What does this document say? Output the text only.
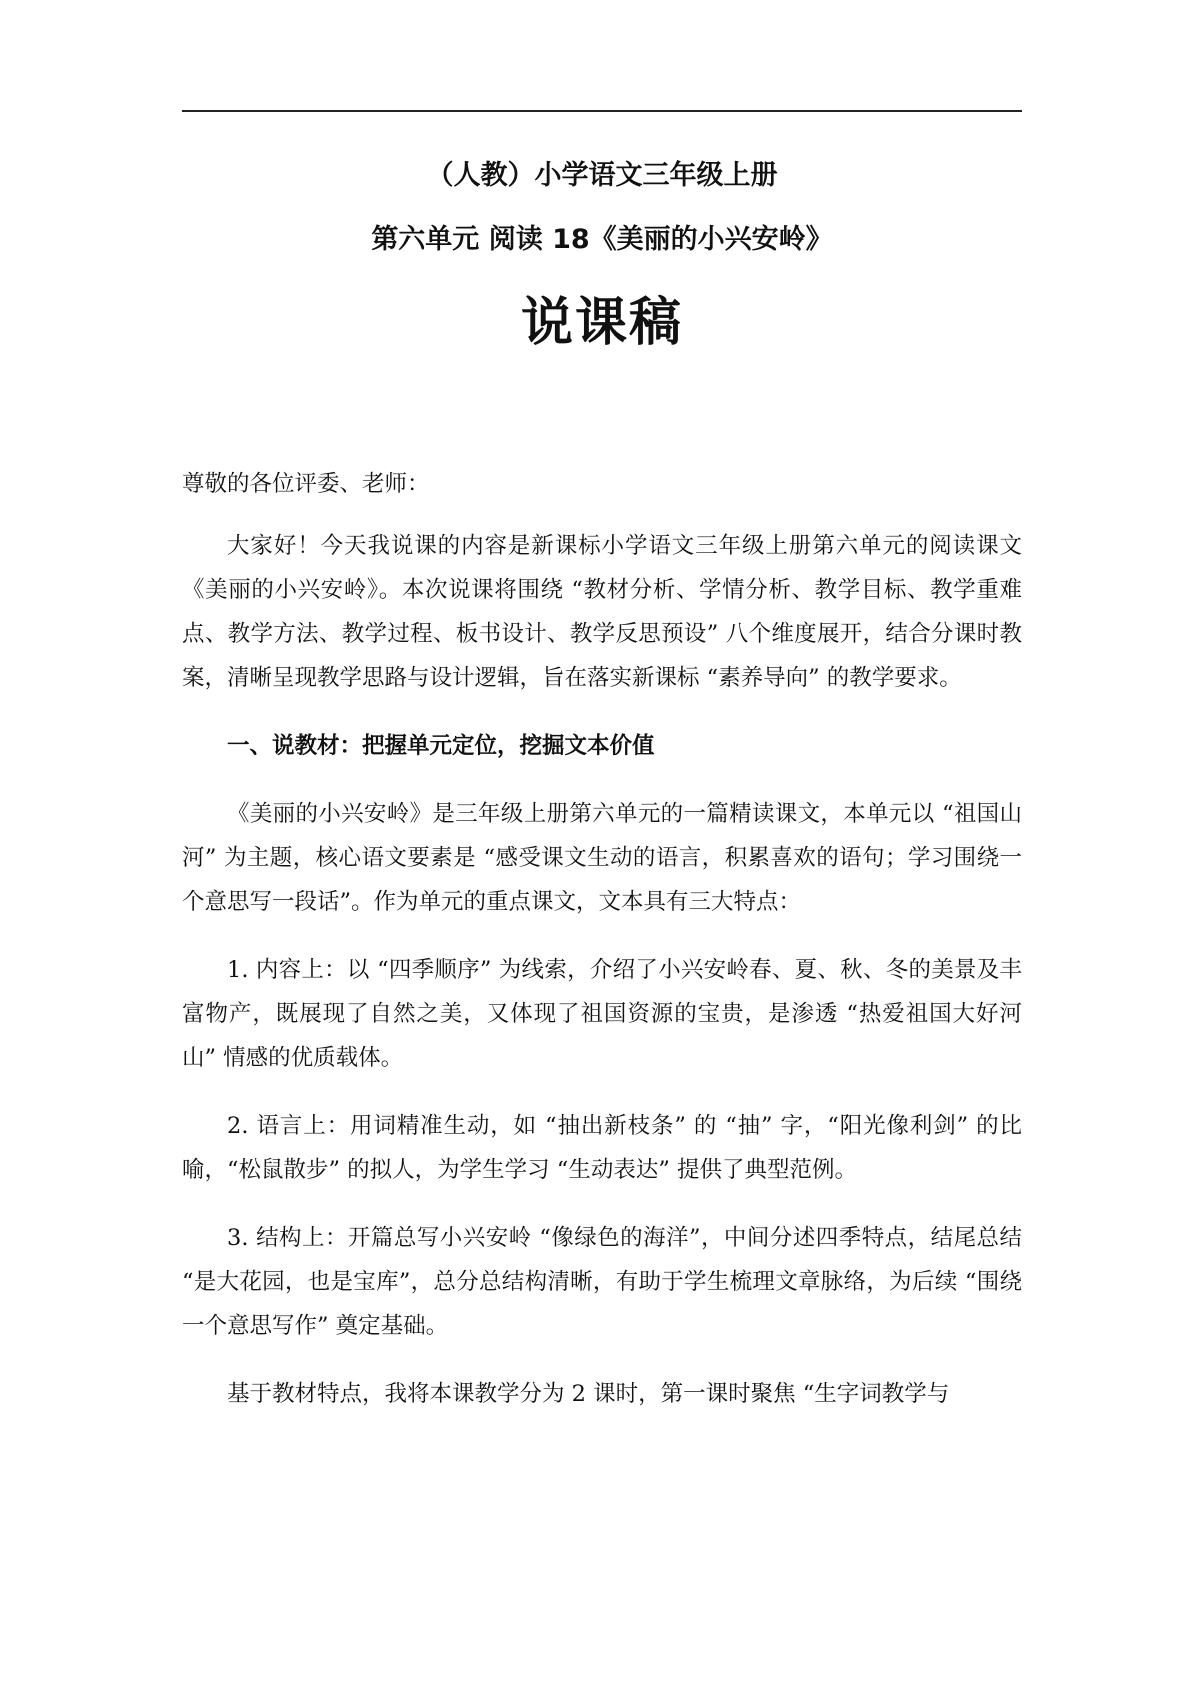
（人教）小学语文三年级上册
第六单元 阅读 18《美丽的小兴安岭》
说课稿

尊敬的各位评委、老师：

大家好！今天我说课的内容是新课标小学语文三年级上册第六单元的阅读课文《美丽的小兴安岭》。本次说课将围绕 “教材分析、学情分析、教学目标、教学重难点、教学方法、教学过程、板书设计、教学反思预设” 八个维度展开，结合分课时教案，清晰呈现教学思路与设计逻辑，旨在落实新课标 “素养导向” 的教学要求。

一、说教材：把握单元定位，挖掘文本价值

《美丽的小兴安岭》是三年级上册第六单元的一篇精读课文，本单元以 “祖国山河” 为主题，核心语文要素是 “感受课文生动的语言，积累喜欢的语句；学习围绕一个意思写一段话”。作为单元的重点课文，文本具有三大特点：

1. 内容上：以 “四季顺序” 为线索，介绍了小兴安岭春、夏、秋、冬的美景及丰富物产，既展现了自然之美，又体现了祖国资源的宝贵，是渗透 “热爱祖国大好河山” 情感的优质载体。

2. 语言上：用词精准生动，如 “抽出新枝条” 的 “抽” 字，“阳光像利剑” 的比喻，“松鼠散步” 的拟人，为学生学习 “生动表达” 提供了典型范例。

3. 结构上：开篇总写小兴安岭 “像绿色的海洋”，中间分述四季特点，结尾总结 “是大花园，也是宝库”，总分总结构清晰，有助于学生梳理文章脉络，为后续 “围绕一个意思写作” 奠定基础。

基于教材特点，我将本课教学分为 2 课时，第一课时聚焦 “生字词教学与
